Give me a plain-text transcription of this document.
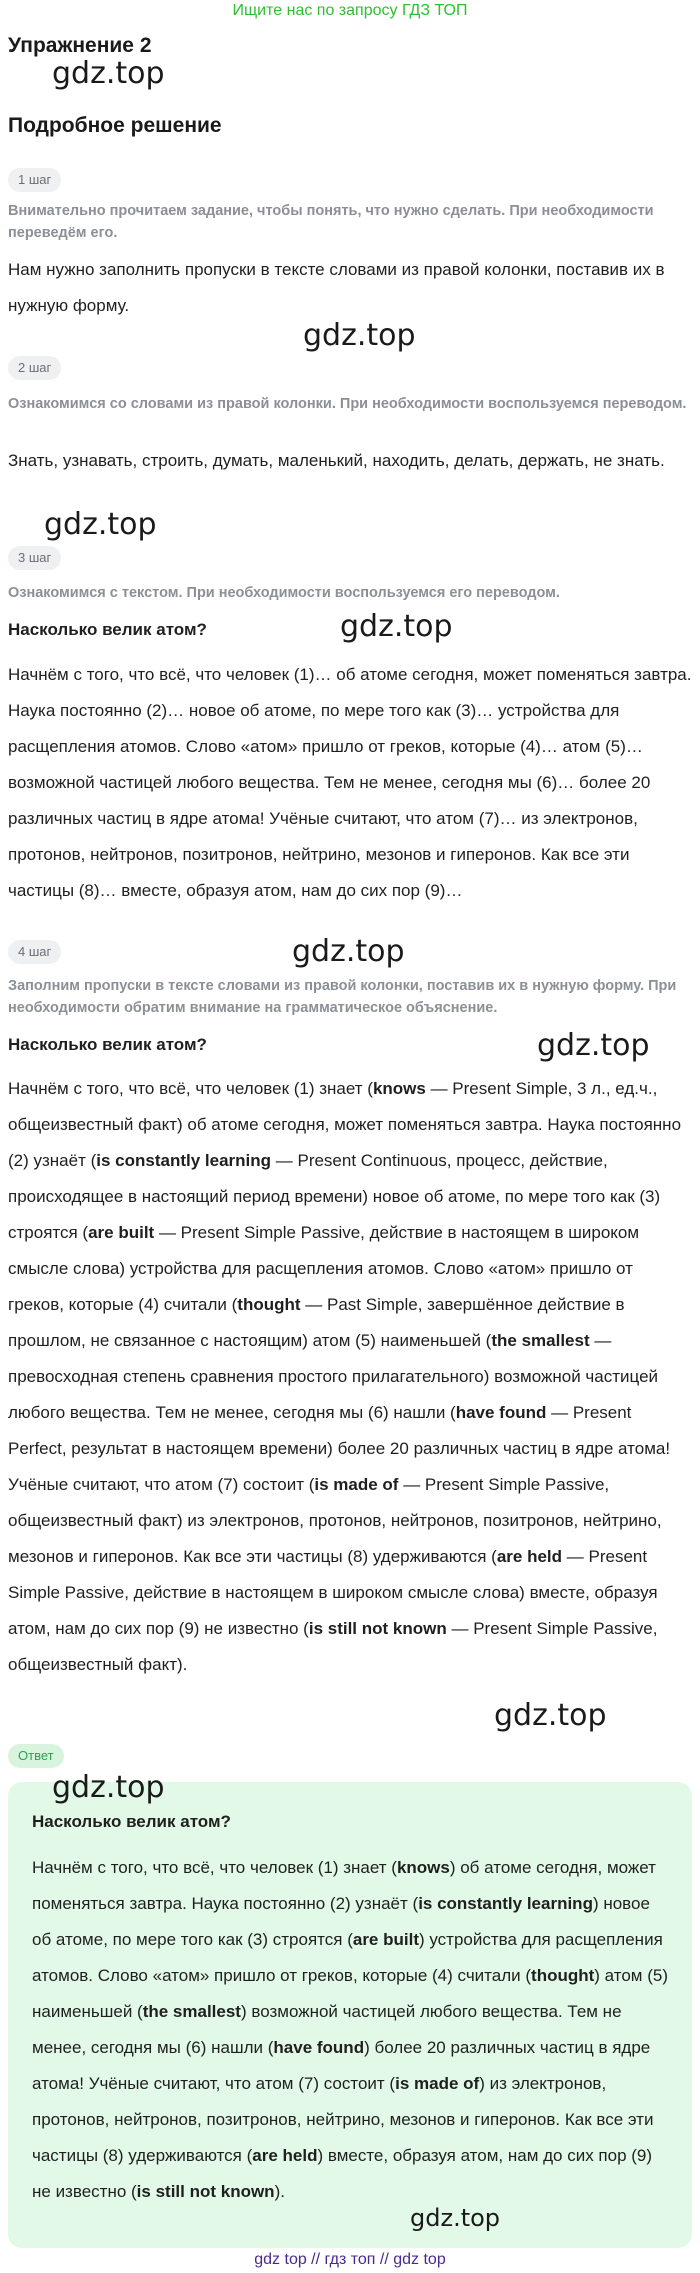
Ищите нас по запросу ГДЗ ТОП
Упражнение 2
gdz.top
Подробное решение
1 шаг
Внимательно прочитаем задание, чтобы понять, что нужно сделать. При необходимости переведём его.
Нам нужно заполнить пропуски в тексте словами из правой колонки, поставив их в нужную форму.
gdz.top
2 шаг
Ознакомимся со словами из правой колонки. При необходимости воспользуемся переводом.
Знать, узнавать, строить, думать, маленький, находить, делать, держать, не знать.
gdz.top
3 шаг
Ознакомимся с текстом. При необходимости воспользуемся его переводом.
Насколько велик атом?	gdz.top
Начнём с того, что всё, что человек (1)… об атоме сегодня, может поменяться завтра. Наука постоянно (2)… новое об атоме, по мере того как (3)… устройства для расщепления атомов. Слово «атом» пришло от греков, которые (4)… атом (5)… возможной частицей любого вещества. Тем не менее, сегодня мы (6)… более 20 различных частиц в ядре атома! Учёные считают, что атом (7)… из электронов, протонов, нейтронов, позитронов, нейтрино, мезонов и гиперонов. Как все эти частицы (8)… вместе, образуя атом, нам до сих пор (9)…
gdz.top
4 шаг
Заполним пропуски в тексте словами из правой колонки, поставив их в нужную форму. При необходимости обратим внимание на грамматическое объяснение.
Насколько велик атом?	gdz.top
Начнём с того, что всё, что человек (1) знает (knows — Present Simple, 3 л., ед.ч., общеизвестный факт) об атоме сегодня, может поменяться завтра. Наука постоянно (2) узнаёт (is constantly learning — Present Continuous, процесс, действие, происходящее в настоящий период времени) новое об атоме, по мере того как (3) строятся (are built — Present Simple Passive, действие в настоящем в широком смысле слова) устройства для расщепления атомов. Слово «атом» пришло от греков, которые (4) считали (thought — Past Simple, завершённое действие в прошлом, не связанное с настоящим) атом (5) наименьшей (the smallest — превосходная степень сравнения простого прилагательного) возможной частицей любого вещества. Тем не менее, сегодня мы (6) нашли (have found — Present Perfect, результат в настоящем времени) более 20 различных частиц в ядре атома! Учёные считают, что атом (7) состоит (is made of — Present Simple Passive, общеизвестный факт) из электронов, протонов, нейтронов, позитронов, нейтрино, мезонов и гиперонов. Как все эти частицы (8) удерживаются (are held — Present Simple Passive, действие в настоящем в широком смысле слова) вместе, образуя атом, нам до сих пор (9) не известно (is still not known — Present Simple Passive, общеизвестный факт).
gdz.top
Ответ
gdz.top
Насколько велик атом?
Начнём с того, что всё, что человек (1) знает (knows) об атоме сегодня, может поменяться завтра. Наука постоянно (2) узнаёт (is constantly learning) новое об атоме, по мере того как (3) строятся (are built) устройства для расщепления атомов. Слово «атом» пришло от греков, которые (4) считали (thought) атом (5) наименьшей (the smallest) возможной частицей любого вещества. Тем не менее, сегодня мы (6) нашли (have found) более 20 различных частиц в ядре атома! Учёные считают, что атом (7) состоит (is made of) из электронов, протонов, нейтронов, позитронов, нейтрино, мезонов и гиперонов. Как все эти частицы (8) удерживаются (are held) вместе, образуя атом, нам до сих пор (9) не известно (is still not known).
gdz.top
gdz top // гдз топ // gdz top
